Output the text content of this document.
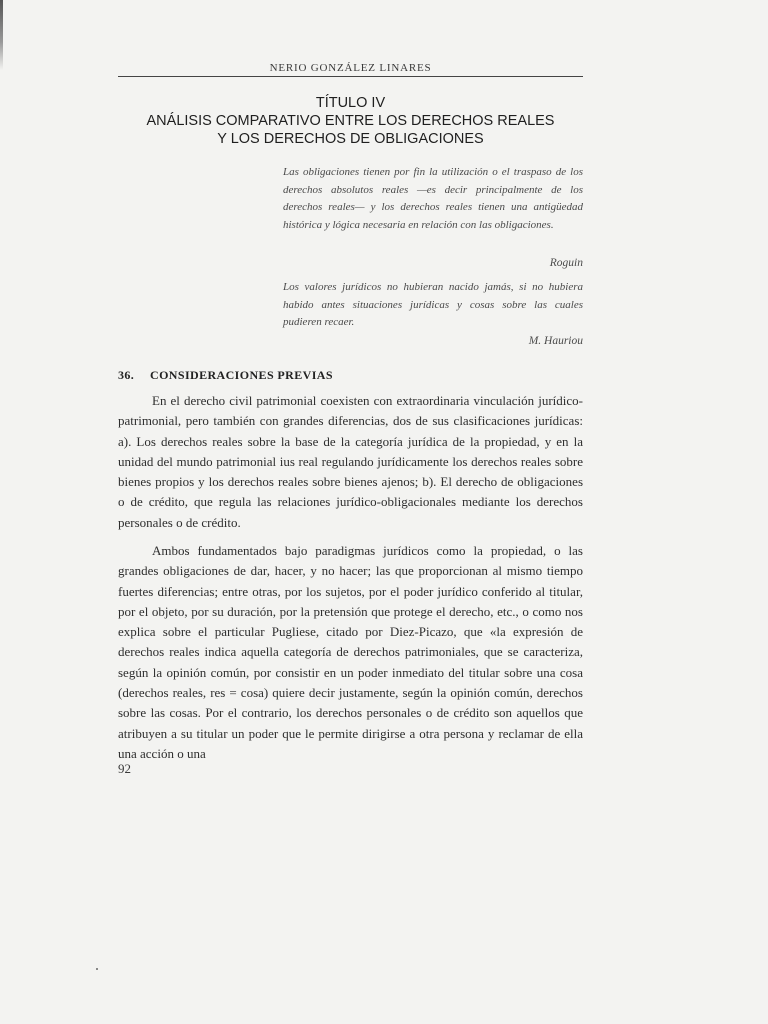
NERIO GONZÁLEZ LINARES
TÍTULO IV
ANÁLISIS COMPARATIVO ENTRE LOS DERECHOS REALES
Y LOS DERECHOS DE OBLIGACIONES
Las obligaciones tienen por fin la utilización o el traspaso de los derechos absolutos reales —es decir principalmente de los derechos reales— y los derechos reales tienen una antigüedad histórica y lógica necesaria en relación con las obligaciones.
Roguin
Los valores jurídicos no hubieran nacido jamás, si no hubiera habido antes situaciones jurídicas y cosas sobre las cuales pudieren recaer.
M. Hauriou
36. CONSIDERACIONES PREVIAS
En el derecho civil patrimonial coexisten con extraordinaria vinculación jurídico-patrimonial, pero también con grandes diferencias, dos de sus clasificaciones jurídicas: a). Los derechos reales sobre la base de la categoría jurídica de la propiedad, y en la unidad del mundo patrimonial ius real regulando jurídicamente los derechos reales sobre bienes propios y los derechos reales sobre bienes ajenos; b). El derecho de obligaciones o de crédito, que regula las relaciones jurídico-obligacionales mediante los derechos personales o de crédito.
Ambos fundamentados bajo paradigmas jurídicos como la propiedad, o las grandes obligaciones de dar, hacer, y no hacer; las que proporcionan al mismo tiempo fuertes diferencias; entre otras, por los sujetos, por el poder jurídico conferido al titular, por el objeto, por su duración, por la pretensión que protege el derecho, etc., o como nos explica sobre el particular Pugliese, citado por Diez-Picazo, que «la expresión de derechos reales indica aquella categoría de derechos patrimoniales, que se caracteriza, según la opinión común, por consistir en un poder inmediato del titular sobre una cosa (derechos reales, res = cosa) quiere decir justamente, según la opinión común, derechos sobre las cosas. Por el contrario, los derechos personales o de crédito son aquellos que atribuyen a su titular un poder que le permite dirigirse a otra persona y reclamar de ella una acción o una
92
